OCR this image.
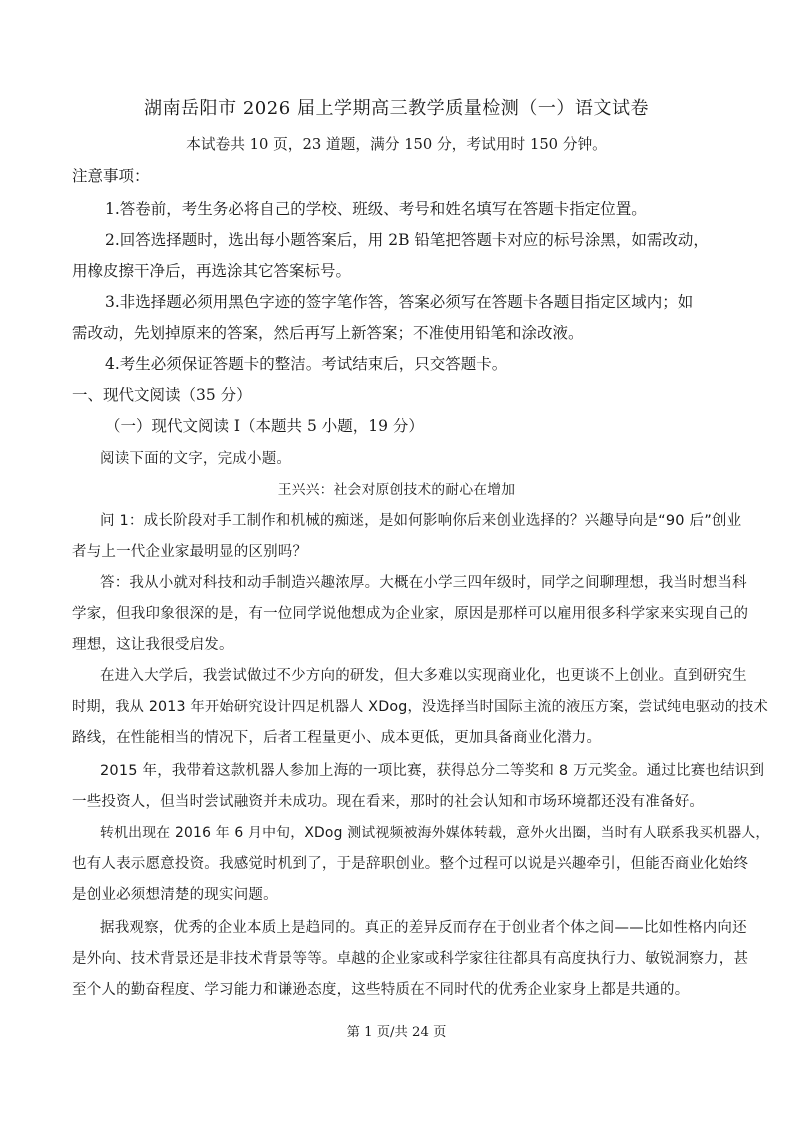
湖南岳阳市 2026 届上学期高三教学质量检测（一）语文试卷
本试卷共 10 页，23 道题，满分 150 分，考试用时 150 分钟。
注意事项：
1.答卷前，考生务必将自己的学校、班级、考号和姓名填写在答题卡指定位置。
2.回答选择题时，选出每小题答案后，用 2B 铅笔把答题卡对应的标号涂黑，如需改动，
用橡皮擦干净后，再选涂其它答案标号。
3.非选择题必须用黑色字迹的签字笔作答，答案必须写在答题卡各题目指定区域内；如
需改动，先划掉原来的答案，然后再写上新答案；不准使用铅笔和涂改液。
4.考生必须保证答题卡的整洁。考试结束后，只交答题卡。
一、现代文阅读（35 分）
（一）现代文阅读 I（本题共 5 小题，19 分）
阅读下面的文字，完成小题。
王兴兴：社会对原创技术的耐心在增加
问 1：成长阶段对手工制作和机械的痴迷，是如何影响你后来创业选择的？兴趣导向是“90 后”创业
者与上一代企业家最明显的区别吗？
答：我从小就对科技和动手制造兴趣浓厚。大概在小学三四年级时，同学之间聊理想，我当时想当科
学家，但我印象很深的是，有一位同学说他想成为企业家，原因是那样可以雇用很多科学家来实现自己的
理想，这让我很受启发。
在进入大学后，我尝试做过不少方向的研发，但大多难以实现商业化，也更谈不上创业。直到研究生
时期，我从 2013 年开始研究设计四足机器人 XDog，没选择当时国际主流的液压方案，尝试纯电驱动的技术
路线，在性能相当的情况下，后者工程量更小、成本更低，更加具备商业化潜力。
2015 年，我带着这款机器人参加上海的一项比赛，获得总分二等奖和 8 万元奖金。通过比赛也结识到
一些投资人，但当时尝试融资并未成功。现在看来，那时的社会认知和市场环境都还没有准备好。
转机出现在 2016 年 6 月中旬，XDog 测试视频被海外媒体转载，意外火出圈，当时有人联系我买机器人，
也有人表示愿意投资。我感觉时机到了，于是辞职创业。整个过程可以说是兴趣牵引，但能否商业化始终
是创业必须想清楚的现实问题。
据我观察，优秀的企业本质上是趋同的。真正的差异反而存在于创业者个体之间——比如性格内向还
是外向、技术背景还是非技术背景等等。卓越的企业家或科学家往往都具有高度执行力、敏锐洞察力，甚
至个人的勤奋程度、学习能力和谦逊态度，这些特质在不同时代的优秀企业家身上都是共通的。
第 1 页/共 24 页
